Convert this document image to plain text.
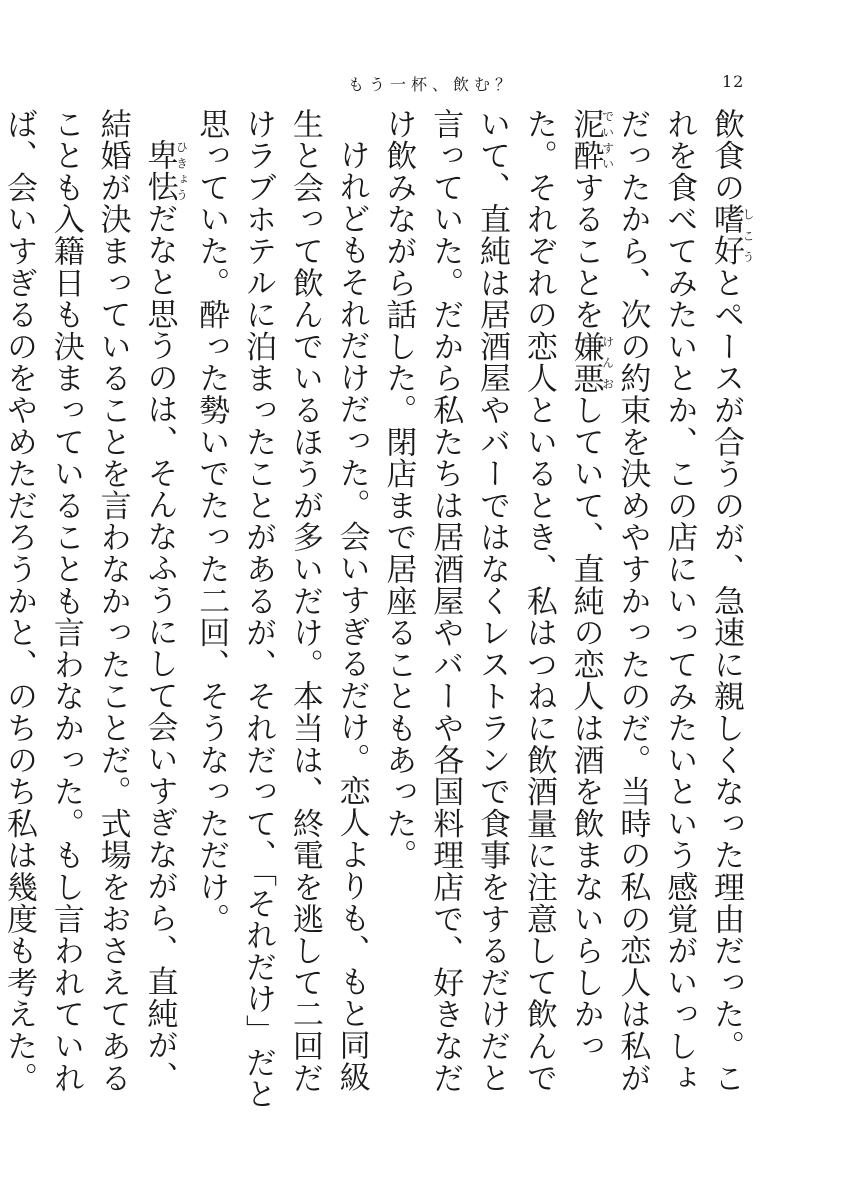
もう一杯、飲む？	12

飲食の嗜好しこうとペースが合うのが、急速に親しくなった理由だった。これを食べてみたいとか、この店にいってみたいという感覚がいっしょだったから、次の約束を決めやすかったのだ。当時の私の恋人は私が泥酔でいすいすることを嫌悪けんおしていて、直純の恋人は酒を飲まないらしかった。それぞれの恋人といるとき、私はつねに飲酒量に注意して飲んでいて、直純は居酒屋やバーではなくレストランで食事をするだけだと言っていた。だから私たちは居酒屋やバーや各国料理店で、好きなだけ飲みながら話した。閉店まで居座ることもあった。

けれどもそれだけだった。会いすぎるだけ。恋人よりも、もと同級生と会って飲んでいるほうが多いだけ。本当は、終電を逃して二回だけラブホテルに泊まったことがあるが、それだって、「それだけ」だと思っていた。酔った勢いでたった二回、そうなっただけ。

卑怯ひきょうだなと思うのは、そんなふうにして会いすぎながら、直純が、結婚が決まっていることを言わなかったことだ。式場をおさえてあることも入籍日も決まっていることも言わなかった。もし言われていれば、会いすぎるのをやめただろうかと、のちのち私は幾度も考えた。
